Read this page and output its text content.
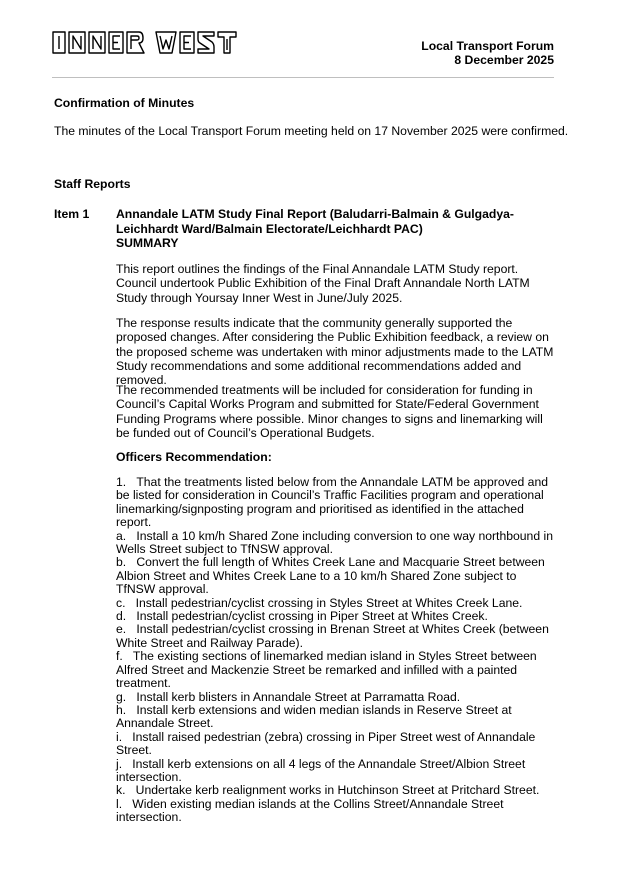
Local Transport Forum
8 December 2025
Confirmation of Minutes
The minutes of the Local Transport Forum meeting held on 17 November 2025 were confirmed.
Staff Reports
Item 1 Annandale LATM Study Final Report (Baludarri-Balmain & Gulgadya-
Leichhardt Ward/Balmain Electorate/Leichhardt PAC)
SUMMARY
This report outlines the findings of the Final Annandale LATM Study report. Council undertook Public Exhibition of the Final Draft Annandale North LATM Study through Yoursay Inner West in June/July 2025.
The response results indicate that the community generally supported the proposed changes. After considering the Public Exhibition feedback, a review on the proposed scheme was undertaken with minor adjustments made to the LATM Study recommendations and some additional recommendations added and removed.
The recommended treatments will be included for consideration for funding in Council’s Capital Works Program and submitted for State/Federal Government Funding Programs where possible. Minor changes to signs and linemarking will be funded out of Council’s Operational Budgets.
Officers Recommendation:
1.   That the treatments listed below from the Annandale LATM be approved and be listed for consideration in Council’s Traffic Facilities program and operational linemarking/signposting program and prioritised as identified in the attached report.
a.   Install a 10 km/h Shared Zone including conversion to one way northbound in Wells Street subject to TfNSW approval.
b.   Convert the full length of Whites Creek Lane and Macquarie Street between Albion Street and Whites Creek Lane to a 10 km/h Shared Zone subject to TfNSW approval.
c.   Install pedestrian/cyclist crossing in Styles Street at Whites Creek Lane.
d.   Install pedestrian/cyclist crossing in Piper Street at Whites Creek.
e.   Install pedestrian/cyclist crossing in Brenan Street at Whites Creek (between White Street and Railway Parade).
f.   The existing sections of linemarked median island in Styles Street between Alfred Street and Mackenzie Street be remarked and infilled with a painted treatment.
g.   Install kerb blisters in Annandale Street at Parramatta Road.
h.   Install kerb extensions and widen median islands in Reserve Street at Annandale Street.
i.   Install raised pedestrian (zebra) crossing in Piper Street west of Annandale Street.
j.   Install kerb extensions on all 4 legs of the Annandale Street/Albion Street intersection.
k.   Undertake kerb realignment works in Hutchinson Street at Pritchard Street.
l.   Widen existing median islands at the Collins Street/Annandale Street intersection.
